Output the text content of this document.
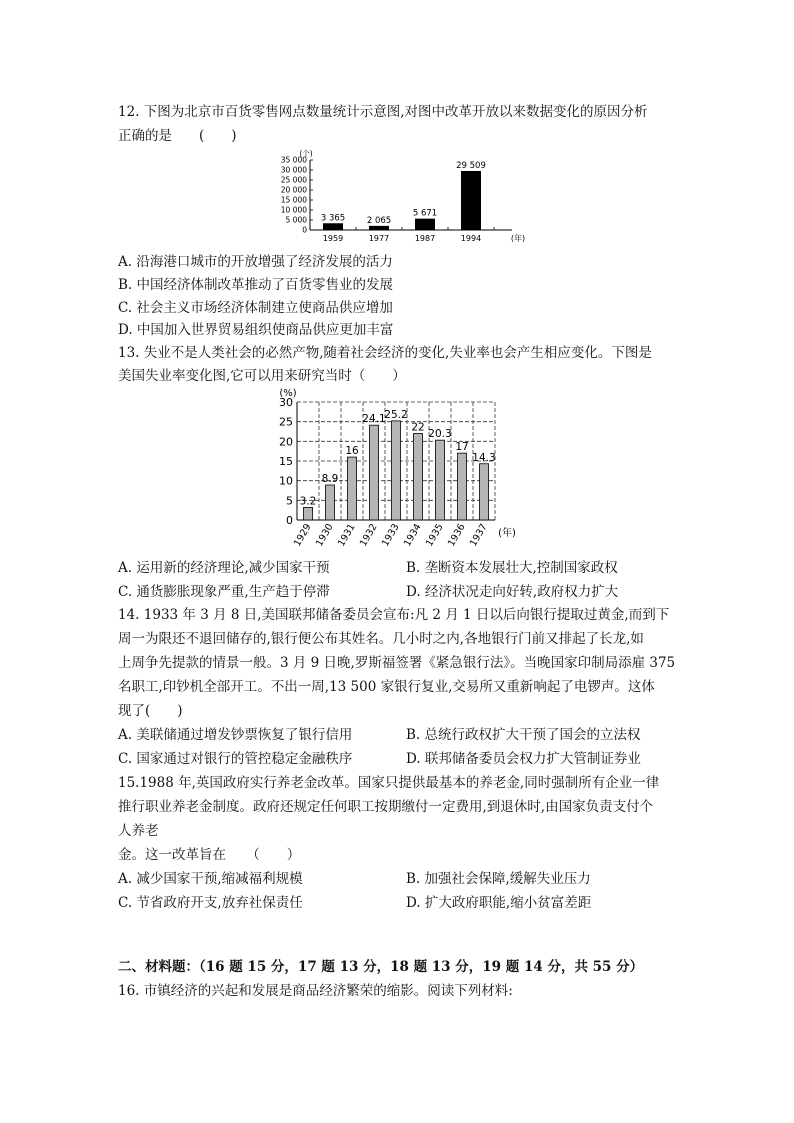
12. 下图为北京市百货零售网点数量统计示意图,对图中改革开放以来数据变化的原因分析
正确的是　　(　　)
(个)
0
5 000
10 000
15 000
20 000
25 000
30 000
35 000
3 365
1959
2 065
1977
5 671
1987
29 509
1994	(年)
A. 沿海港口城市的开放增强了经济发展的活力
B. 中国经济体制改革推动了百货零售业的发展
C. 社会主义市场经济体制建立使商品供应增加
D. 中国加入世界贸易组织使商品供应更加丰富
13. 失业不是人类社会的必然产物,随着社会经济的变化,失业率也会产生相应变化。下图是
美国失业率变化图,它可以用来研究当时（　　）
(%)
0
5
10
15
20
25
30
3.2
1929
8.9
1930
16
1931
24.1
1932
25.2
1933
22
1934
20.3
1935
17
1936
14.3
1937 (年)
A. 运用新的经济理论,减少国家干预	B. 垄断资本发展壮大,控制国家政权
C. 通货膨胀现象严重,生产趋于停滞	D. 经济状况走向好转,政府权力扩大
14. 1933 年 3 月 8 日,美国联邦储备委员会宣布:凡 2 月 1 日以后向银行提取过黄金,而到下
周一为限还不退回储存的,银行便公布其姓名。几小时之内,各地银行门前又排起了长龙,如
上周争先提款的情景一般。3 月 9 日晚,罗斯福签署《紧急银行法》。当晚国家印制局添雇 375
名职工,印钞机全部开工。不出一周,13 500 家银行复业,交易所又重新响起了电锣声。这体
现了(　　)
A. 美联储通过增发钞票恢复了银行信用	B. 总统行政权扩大干预了国会的立法权
C. 国家通过对银行的管控稳定金融秩序	D. 联邦储备委员会权力扩大管制证券业
15.1988 年,英国政府实行养老金改革。国家只提供最基本的养老金,同时强制所有企业一律
推行职业养老金制度。政府还规定任何职工按期缴付一定费用,到退休时,由国家负责支付个
人养老
金。这一改革旨在　　（　　）
A. 减少国家干预,缩减福利规模	B. 加强社会保障,缓解失业压力
C. 节省政府开支,放弃社保责任	D. 扩大政府职能,缩小贫富差距
二、材料题：（16 题 15 分，17 题 13 分，18 题 13 分，19 题 14 分，共 55 分）
16. 市镇经济的兴起和发展是商品经济繁荣的缩影。阅读下列材料:
